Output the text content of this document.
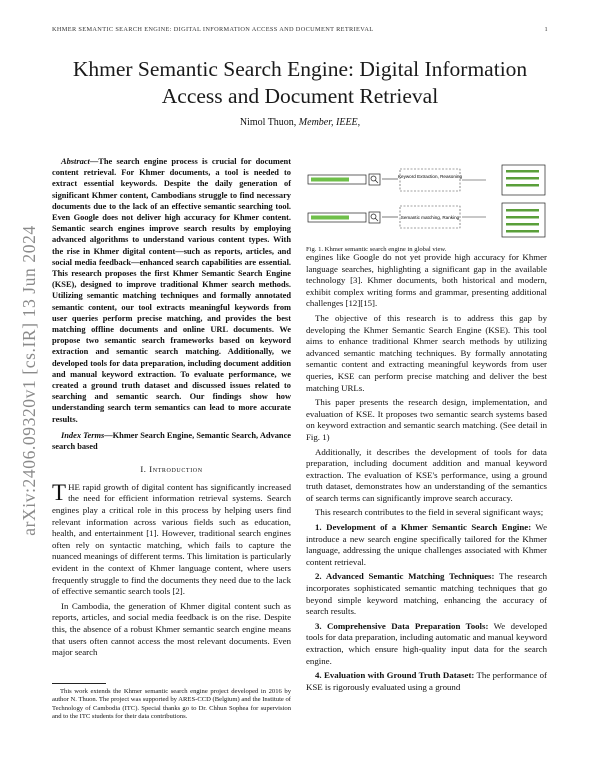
KHMER SEMANTIC SEARCH ENGINE: DIGITAL INFORMATION ACCESS AND DOCUMENT RETRIEVAL	1
arXiv:2406.09320v1 [cs.IR] 13 Jun 2024
Khmer Semantic Search Engine: Digital Information
Access and Document Retrieval
Nimol Thuon, Member, IEEE,

Abstract—The search engine process is crucial for document content retrieval. For Khmer documents, a tool is needed to extract essential keywords. Despite the daily generation of significant Khmer content, Cambodians struggle to find necessary documents due to the lack of an effective semantic searching tool. Even Google does not deliver high accuracy for Khmer content. Semantic search engines improve search results by employing advanced algorithms to understand various content types. With the rise in Khmer digital content—such as reports, articles, and social media feedback—enhanced search capabilities are essential. This research proposes the first Khmer Semantic Search Engine (KSE), designed to improve traditional Khmer search methods. Utilizing semantic matching techniques and formally annotated semantic content, our tool extracts meaningful keywords from user queries perform precise matching, and provides the best matching offline documents and online URL documents. We propose two semantic search frameworks based on keyword extraction and semantic search matching. Additionally, we developed tools for data preparation, including document addition and manual keyword extraction. To evaluate performance, we created a ground truth dataset and discussed issues related to searching and semantic search. Our findings show how understanding search term semantics can lead to more accurate results.

Index Terms—Khmer Search Engine, Semantic Search, Advance search based

I. Introduction

THE rapid growth of digital content has significantly increased the need for efficient information retrieval systems. Search engines play a critical role in this process by helping users find relevant information across various fields such as education, health, and entertainment [1]. However, traditional search engines often rely on syntactic matching, which fails to capture the nuanced meanings of different terms. This limitation is particularly evident in the context of Khmer language content, where users frequently struggle to find the documents they need due to the lack of effective semantic search tools [2].

In Cambodia, the generation of Khmer digital content such as reports, articles, and social media feedback is on the rise. Despite this, the absence of a robust Khmer semantic search engine means that users often cannot access the most relevant documents. Even major search

This work extends the Khmer semantic search engine project developed in 2016 by author N. Thuon. The project was supported by ARES-CCD (Belgium) and the Institute of Technology of Cambodia (ITC). Special thanks go to Dr. Chhun Sophea for supervision and to the ITC students for their data contributions.
Keyword Extraction, Reasoning
Semantic matching, Ranking
Fig. 1. Khmer semantic search engine in global view.

engines like Google do not yet provide high accuracy for Khmer language searches, highlighting a significant gap in the available technology [3]. Khmer documents, both historical and modern, exhibit complex writing forms and grammar, presenting additional challenges [12][15].

The objective of this research is to address this gap by developing the Khmer Semantic Search Engine (KSE). This tool aims to enhance traditional Khmer search methods by utilizing advanced semantic matching techniques. By formally annotating semantic content and extracting meaningful keywords from user queries, KSE can perform precise matching and deliver the best matching URLs.

This paper presents the research design, implementation, and evaluation of KSE. It proposes two semantic search systems based on keyword extraction and semantic search matching. (See detail in Fig. 1)

Additionally, it describes the development of tools for data preparation, including document addition and manual keyword extraction. The evaluation of KSE's performance, using a ground truth dataset, demonstrates how an understanding of the semantics of search terms can significantly improve search accuracy.

This research contributes to the field in several significant ways;

1. Development of a Khmer Semantic Search Engine: We introduce a new search engine specifically tailored for the Khmer language, addressing the unique challenges associated with Khmer content retrieval.

2. Advanced Semantic Matching Techniques: The research incorporates sophisticated semantic matching techniques that go beyond simple keyword matching, enhancing the accuracy of search results.

3. Comprehensive Data Preparation Tools: We developed tools for data preparation, including automatic and manual keyword extraction, which ensure high-quality input data for the search engine.

4. Evaluation with Ground Truth Dataset: The performance of KSE is rigorously evaluated using a ground
